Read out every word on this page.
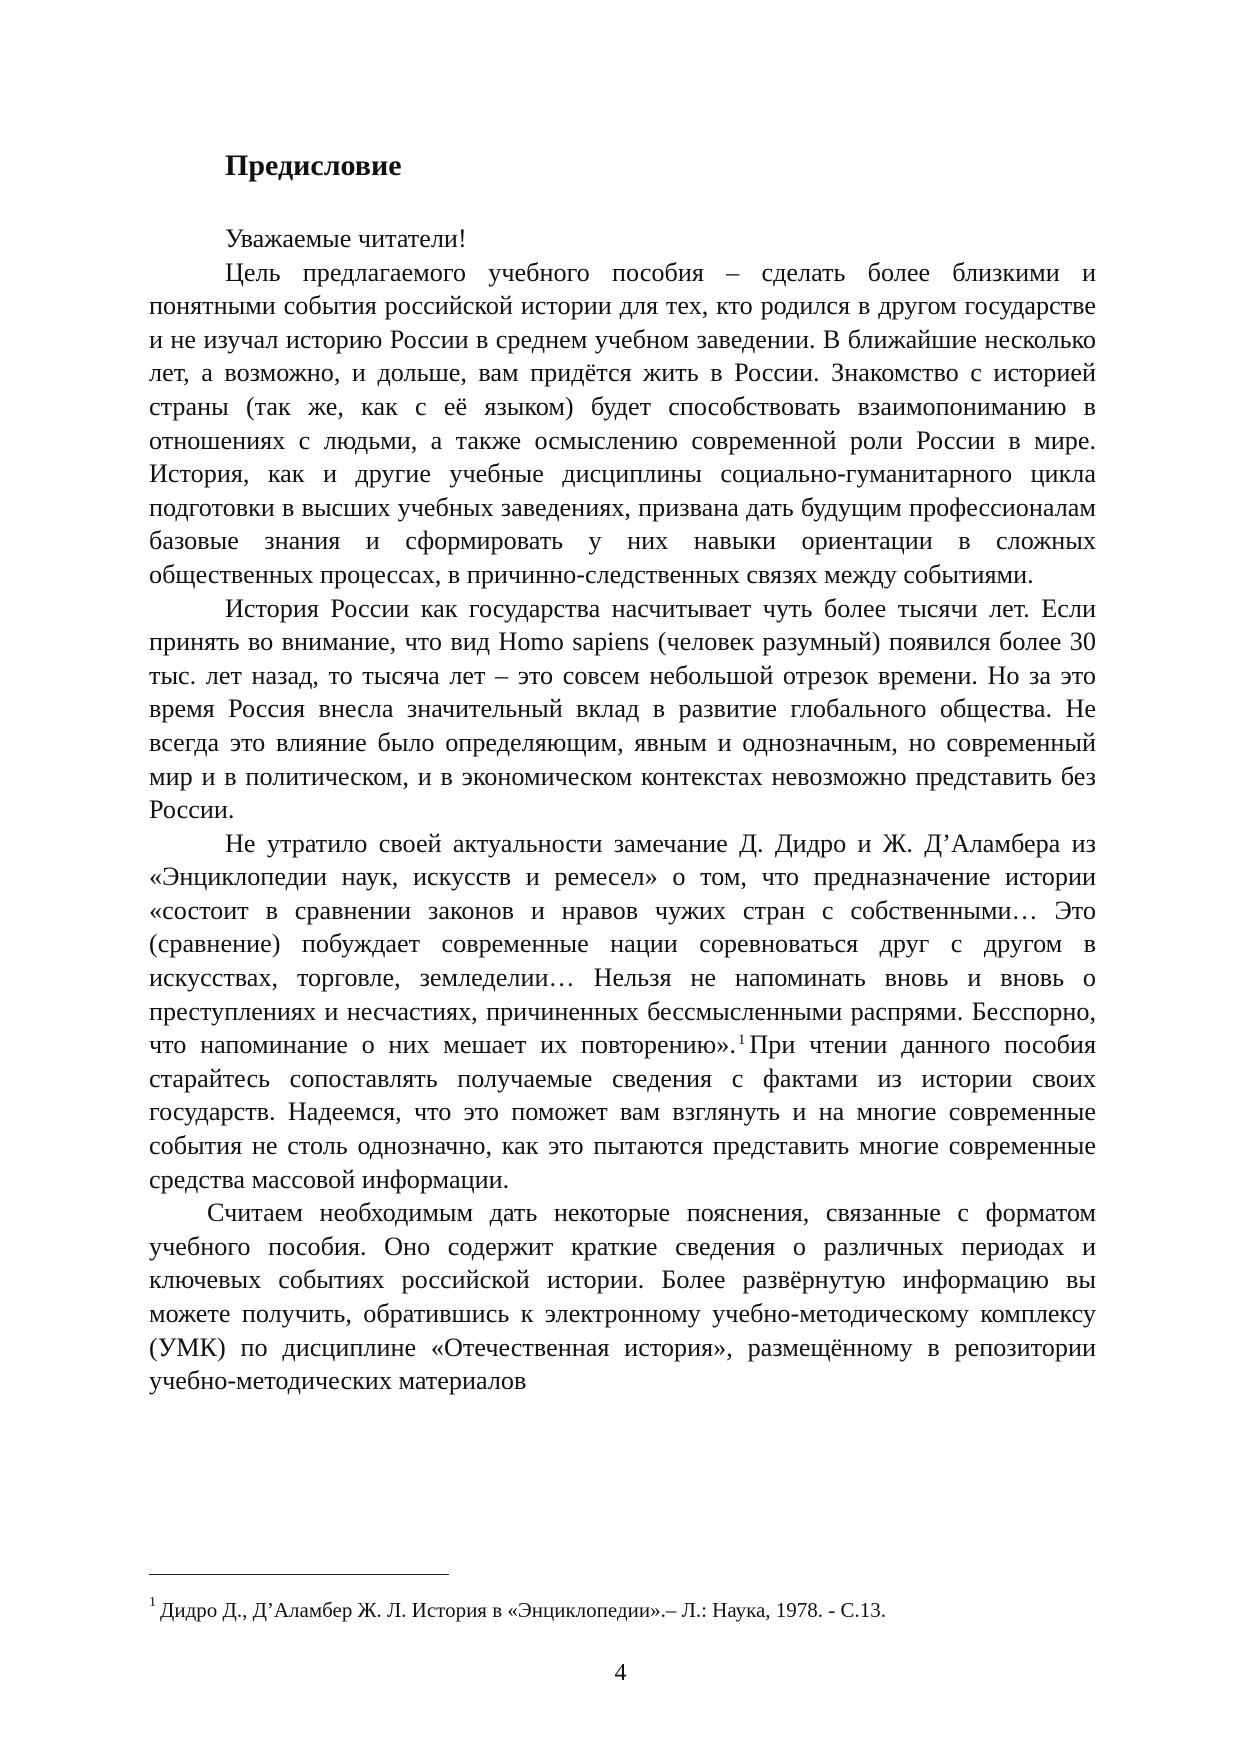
Предисловие

Уважаемые читатели!

Цель предлагаемого учебного пособия – сделать более близкими и понятными события российской истории для тех, кто родился в другом государстве и не изучал историю России в среднем учебном заведении. В ближайшие несколько лет, а возможно, и дольше, вам придётся жить в России. Знакомство с историей страны (так же, как с её языком) будет способствовать взаимопониманию в отношениях с людьми, а также осмыслению современной роли России в мире. История, как и другие учебные дисциплины социально-гуманитарного цикла подготовки в высших учебных заведениях, призвана дать будущим профессионалам базовые знания и сформировать у них навыки ориентации в сложных общественных процессах, в причинно-следственных связях между событиями.

История России как государства насчитывает чуть более тысячи лет. Если принять во внимание, что вид Homo sapiens (человек разумный) появился более 30 тыс. лет назад, то тысяча лет – это совсем небольшой отрезок времени. Но за это время Россия внесла значительный вклад в развитие глобального общества. Не всегда это влияние было определяющим, явным и однозначным, но современный мир и в политическом, и в экономическом контекстах невозможно представить без России.

Не утратило своей актуальности замечание Д. Дидро и Ж. Д’Аламбера из «Энциклопедии наук, искусств и ремесел» о том, что предназначение истории «состоит в сравнении законов и нравов чужих стран с собственными… Это (сравнение) побуждает современные нации соревноваться друг с другом в искусствах, торговле, земледелии… Нельзя не напоминать вновь и вновь о преступлениях и несчастиях, причиненных бессмысленными распрями. Бесспорно, что напоминание о них мешает их повторению». $^1$ При чтении данного пособия старайтесь сопоставлять получаемые сведения с фактами из истории своих государств. Надеемся, что это поможет вам взглянуть и на многие современные события не столь однозначно, как это пытаются представить многие современные средства массовой информации.

Считаем необходимым дать некоторые пояснения, связанные с форматом учебного пособия. Оно содержит краткие сведения о различных периодах и ключевых событиях российской истории. Более развёрнутую информацию вы можете получить, обратившись к электронному учебно-методическому комплексу (УМК) по дисциплине «Отечественная история», размещённому в репозитории учебно-методических материалов

$^1$ Дидро Д., Д’Аламбер Ж. Л. История в «Энциклопедии».– Л.: Наука, 1978. - С.13.
4
